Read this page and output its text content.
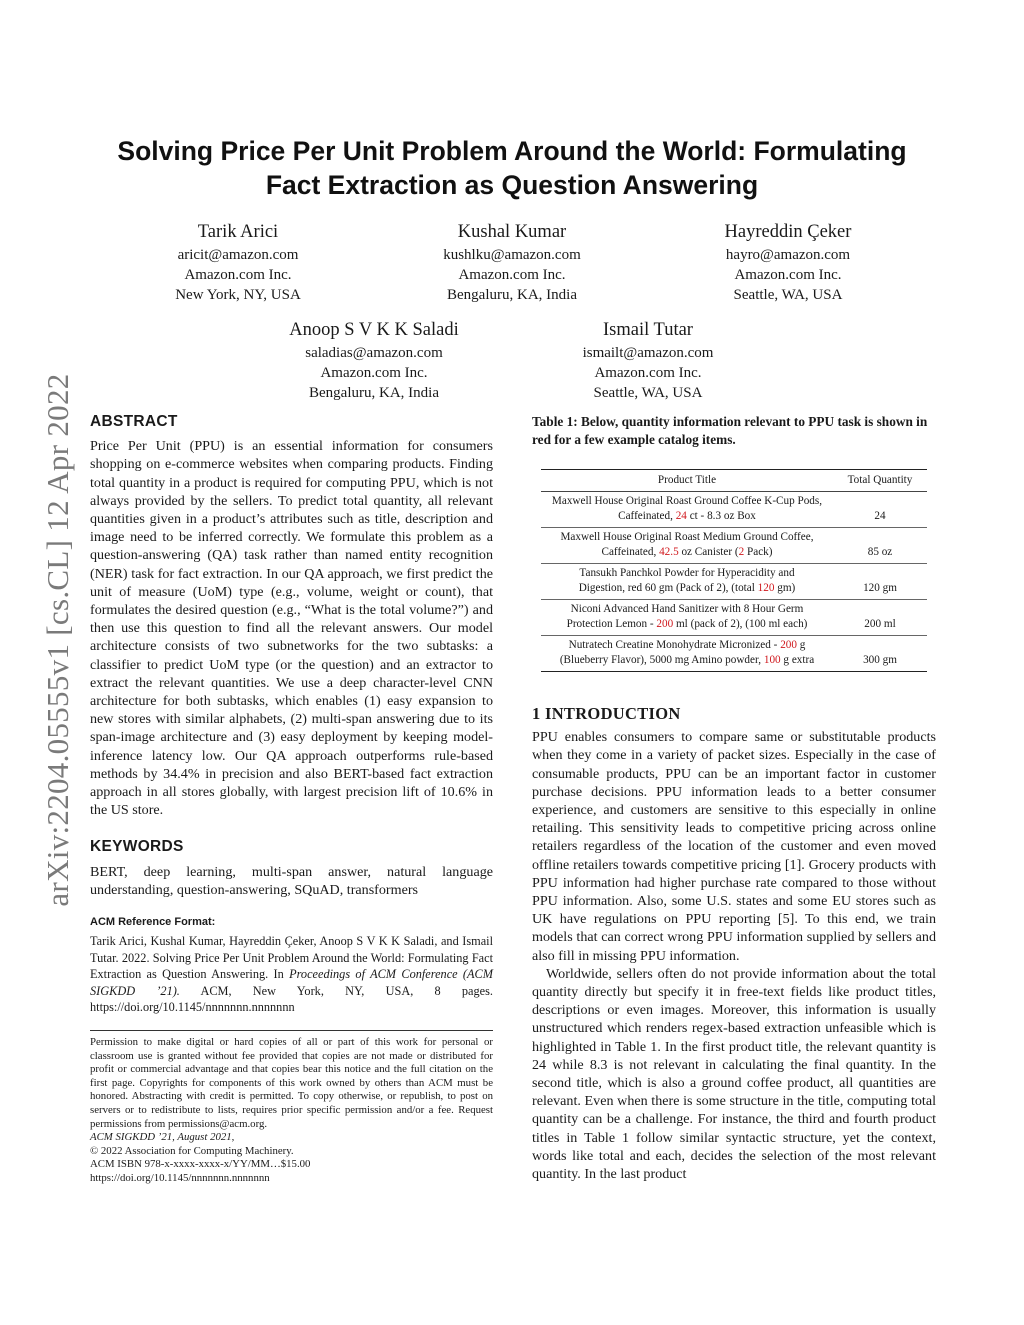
arXiv:2204.05555v1 [cs.CL] 12 Apr 2022
Solving Price Per Unit Problem Around the World: Formulating
Fact Extraction as Question Answering
Tarik Arici
aricit@amazon.com
Amazon.com Inc.
New York, NY, USA
Kushal Kumar
kushlku@amazon.com
Amazon.com Inc.
Bengaluru, KA, India
Hayreddin Çeker
hayro@amazon.com
Amazon.com Inc.
Seattle, WA, USA
Anoop S V K K Saladi
saladias@amazon.com
Amazon.com Inc.
Bengaluru, KA, India
Ismail Tutar
ismailt@amazon.com
Amazon.com Inc.
Seattle, WA, USA
ABSTRACT

Price Per Unit (PPU) is an essential information for consumers shopping on e-commerce websites when comparing products. Finding total quantity in a product is required for computing PPU, which is not always provided by the sellers. To predict total quantity, all relevant quantities given in a product’s attributes such as title, description and image need to be inferred correctly. We formulate this problem as a question-answering (QA) task rather than named entity recognition (NER) task for fact extraction. In our QA approach, we first predict the unit of measure (UoM) type (e.g., volume, weight or count), that formulates the desired question (e.g., “What is the total volume?”) and then use this question to find all the relevant answers. Our model architecture consists of two subnetworks for the two subtasks: a classifier to predict UoM type (or the question) and an extractor to extract the relevant quantities. We use a deep character-level CNN architecture for both subtasks, which enables (1) easy expansion to new stores with similar alphabets, (2) multi-span answering due to its span-image architecture and (3) easy deployment by keeping model-inference latency low. Our QA approach outperforms rule-based methods by 34.4% in precision and also BERT-based fact extraction approach in all stores globally, with largest precision lift of 10.6% in the US store.

KEYWORDS

BERT, deep learning, multi-span answer, natural language understanding, question-answering, SQuAD, transformers

ACM Reference Format:

Tarik Arici, Kushal Kumar, Hayreddin Çeker, Anoop S V K K Saladi, and Ismail Tutar. 2022. Solving Price Per Unit Problem Around the World: Formulating Fact Extraction as Question Answering. In Proceedings of ACM Conference (ACM SIGKDD ’21). ACM, New York, NY, USA, 8 pages. https://doi.org/10.1145/nnnnnnn.nnnnnnn

Permission to make digital or hard copies of all or part of this work for personal or classroom use is granted without fee provided that copies are not made or distributed for profit or commercial advantage and that copies bear this notice and the full citation on the first page. Copyrights for components of this work owned by others than ACM must be honored. Abstracting with credit is permitted. To copy otherwise, or republish, to post on servers or to redistribute to lists, requires prior specific permission and/or a fee. Request permissions from permissions@acm.org.
ACM SIGKDD ’21, August 2021,
© 2022 Association for Computing Machinery.
ACM ISBN 978-x-xxxx-xxxx-x/YY/MM…$15.00
https://doi.org/10.1145/nnnnnnn.nnnnnnn
Table 1: Below, quantity information relevant to PPU task is shown in red for a few example catalog items.
Product Title	Total Quantity

Maxwell House Original Roast Ground Coffee K-Cup Pods,
Caffeinated, 24 ct - 8.3 oz Box	24

Maxwell House Original Roast Medium Ground Coffee,
Caffeinated, 42.5 oz Canister (2 Pack)	85 oz

Tansukh Panchkol Powder for Hyperacidity and
Digestion, red 60 gm (Pack of 2), (total 120 gm)	120 gm

Niconi Advanced Hand Sanitizer with 8 Hour Germ
Protection Lemon - 200 ml (pack of 2), (100 ml each)	200 ml

Nutratech Creatine Monohydrate Micronized - 200 g
(Blueberry Flavor), 5000 mg Amino powder, 100 g extra	300 gm
1 INTRODUCTION

PPU enables consumers to compare same or substitutable products when they come in a variety of packet sizes. Especially in the case of consumable products, PPU can be an important factor in customer purchase decisions. PPU information leads to a better consumer experience, and customers are sensitive to this especially in online retailing. This sensitivity leads to competitive pricing across online retailers regardless of the location of the customer and even moved offline retailers towards competitive pricing [1]. Grocery products with PPU information had higher purchase rate compared to those without PPU information. Also, some U.S. states and some EU stores such as UK have regulations on PPU reporting [5]. To this end, we train models that can correct wrong PPU information supplied by sellers and also fill in missing PPU information.

Worldwide, sellers often do not provide information about the total quantity directly but specify it in free-text fields like product titles, descriptions or even images. Moreover, this information is usually unstructured which renders regex-based extraction unfeasible which is highlighted in Table 1. In the first product title, the relevant quantity is 24 while 8.3 is not relevant in calculating the final quantity. In the second title, which is also a ground coffee product, all quantities are relevant. Even when there is some structure in the title, computing total quantity can be a challenge. For instance, the third and fourth product titles in Table 1 follow similar syntactic structure, yet the context, words like total and each, decides the selection of the most relevant quantity. In the last product
